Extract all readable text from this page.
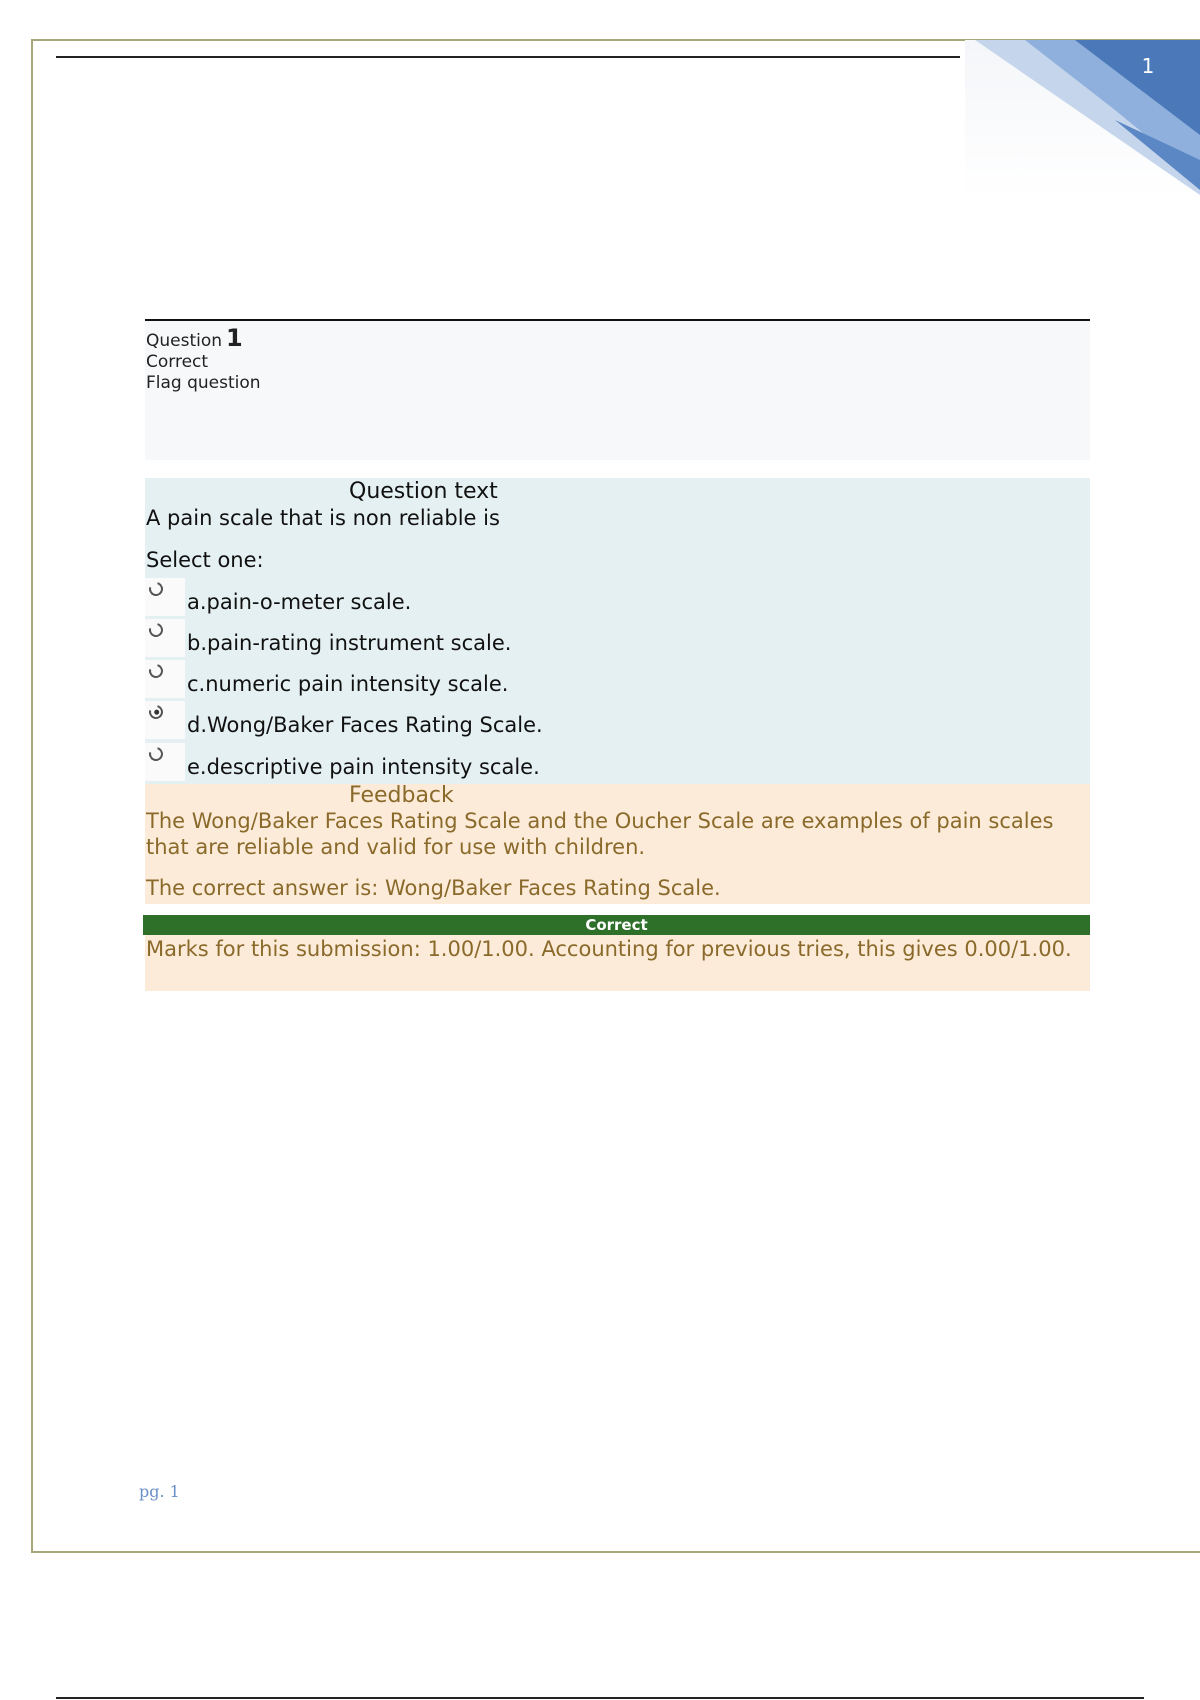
1
Question 1
Correct
Flag question
Question text
A pain scale that is non reliable is
Select one:
a.pain-o-meter scale.
b.pain-rating instrument scale.
c.numeric pain intensity scale.
d.Wong/Baker Faces Rating Scale.
e.descriptive pain intensity scale.
Feedback
The Wong/Baker Faces Rating Scale and the Oucher Scale are examples of pain scales that are reliable and valid for use with children.
The correct answer is: Wong/Baker Faces Rating Scale.
Correct
Marks for this submission: 1.00/1.00. Accounting for previous tries, this gives 0.00/1.00.
pg. 1
